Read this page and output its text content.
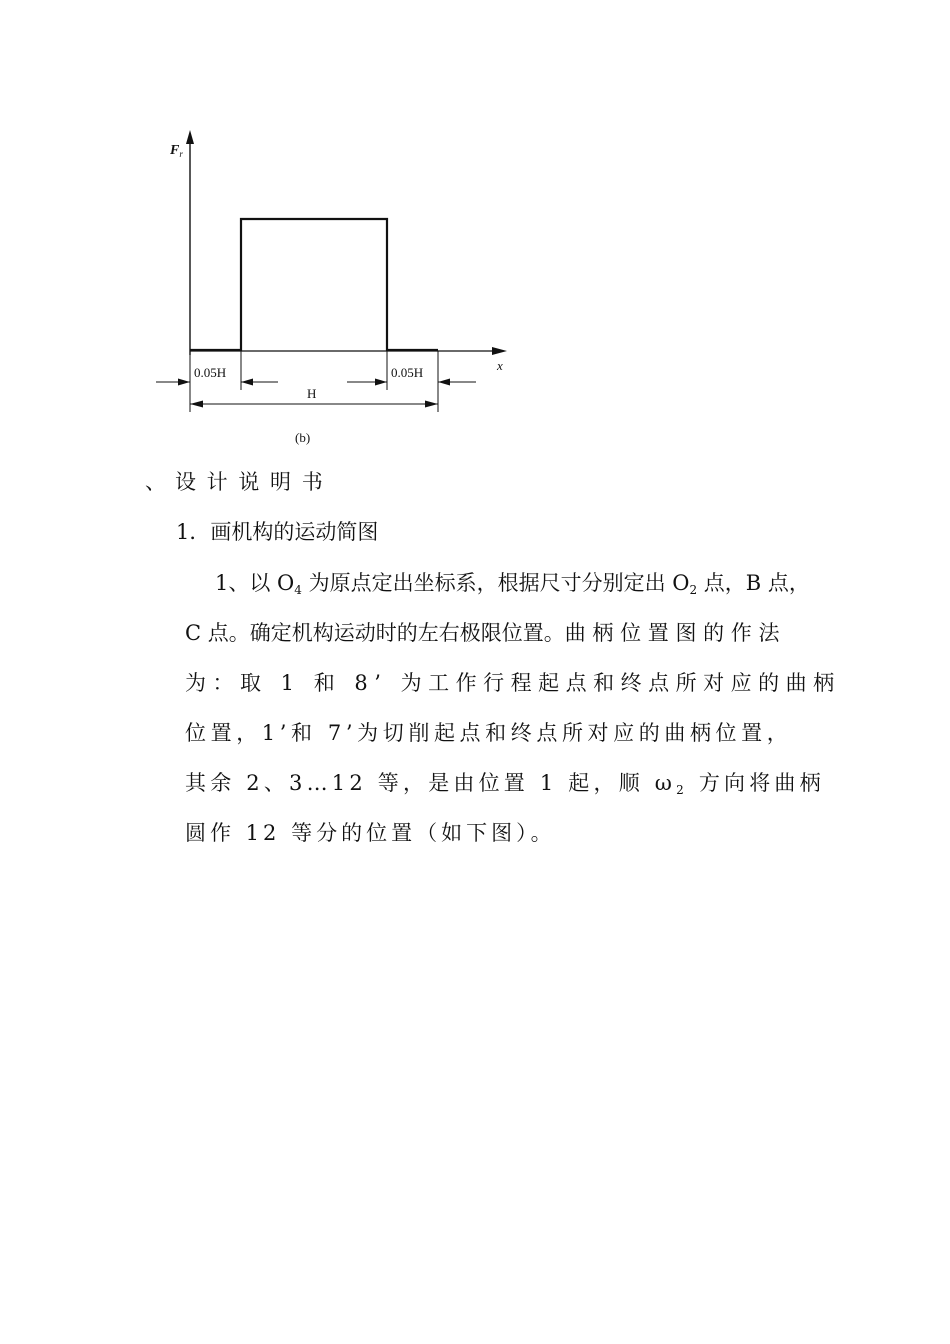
$F_r$
x
0.05H	0.05H
H
(b)
、 设 计 说 明 书
1．画机构的运动简图
1、以 $O_4$ 为原点定出坐标系，根据尺寸分别定出 $O_2$ 点，B 点，
C 点。确定机构运动时的左右极限位置。曲 柄 位 置 图 的 作 法
为：取 1 和 8’ 为工作行程起点和终点所对应的曲柄
位置，1’和 7’为切削起点和终点所对应的曲柄位置，
其余 2、3…12 等，是由位置 1 起，顺 $\omega_2$ 方向将曲柄
圆作 12 等分的位置（如下图）。
